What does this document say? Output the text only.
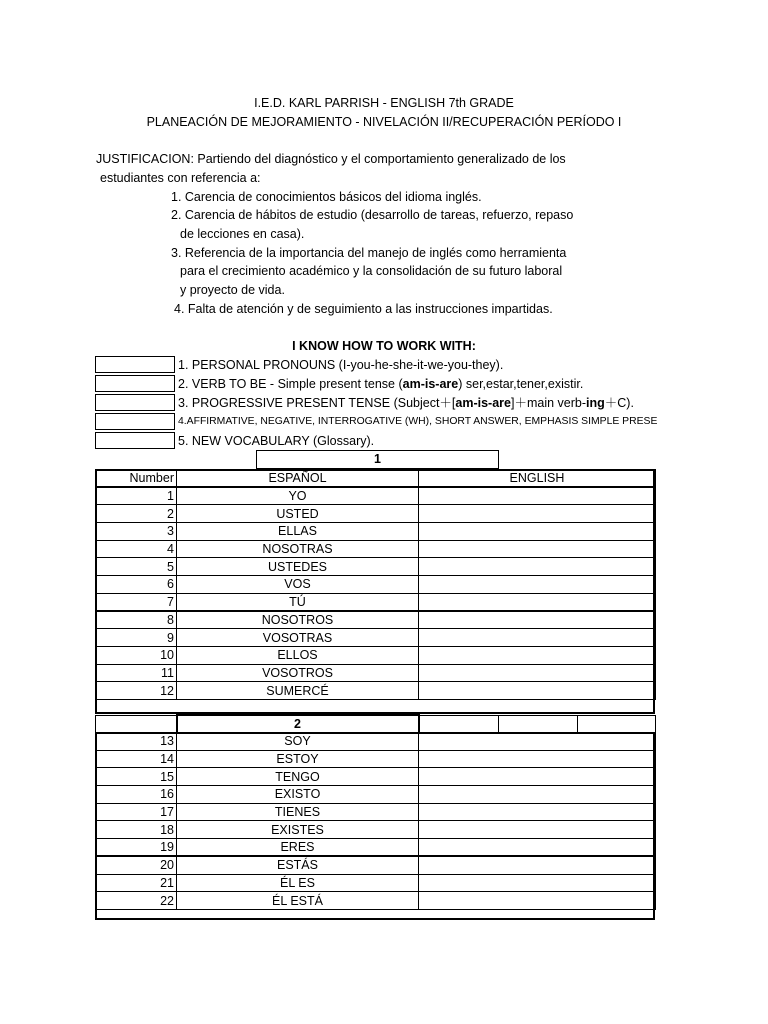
I.E.D. KARL PARRISH - ENGLISH 7th GRADE
PLANEACIÓN DE MEJORAMIENTO - NIVELACIÓN II/RECUPERACIÓN PERÍODO I
JUSTIFICACION: Partiendo del diagnóstico y el comportamiento generalizado de los
estudiantes con referencia a:
1. Carencia de conocimientos básicos del idioma inglés.
2. Carencia de hábitos de estudio (desarrollo de tareas, refuerzo, repaso
de lecciones en casa).
3. Referencia de la importancia del manejo de inglés como herramienta
para el crecimiento académico y la consolidación de su futuro laboral
y proyecto de vida.
4. Falta de atención y de seguimiento a las instrucciones impartidas.
I KNOW HOW TO WORK WITH:
1. PERSONAL PRONOUNS (I-you-he-she-it-we-you-they).
2. VERB TO BE - Simple present tense (am-is-are) ser,estar,tener,existir.
3. PROGRESSIVE PRESENT TENSE (Subject＋[am-is-are]＋main verb-ing＋C).
4.AFFIRMATIVE, NEGATIVE, INTERROGATIVE (WH), SHORT ANSWER, EMPHASIS SIMPLE PRESE
5. NEW VOCABULARY (Glossary).
1
Number	ESPAÑOL	ENGLISH
1	YO	
2	USTED	
3	ELLAS	
4	NOSOTRAS	
5	USTEDES	
6	VOS	
7	TÚ	
8	NOSOTROS	
9	VOSOTRAS	
10	ELLOS	
11	VOSOTROS	
12	SUMERCÉ	
	2			
13	SOY	
14	ESTOY	
15	TENGO	
16	EXISTO	
17	TIENES	
18	EXISTES	
19	ERES	
20	ESTÁS	
21	ÉL ES	
22	ÉL ESTÁ	
